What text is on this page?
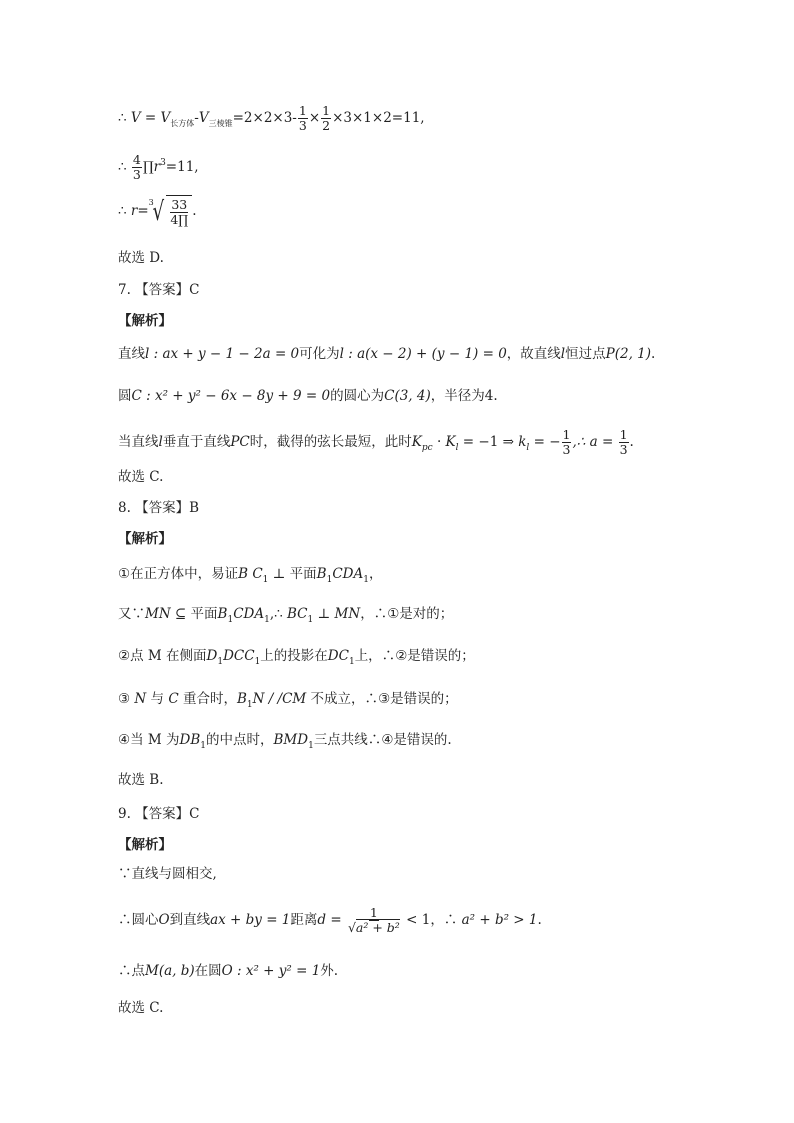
∴ $V = V_{长方体}-V_{三棱锥}=2\times 2\times 3- \frac{1}{3} \times \frac{1}{2} \times 3\times 1\times 2=11$,
∴ $\frac{4}{3}$ $\prod r^3=11$,
∴ r=$^3$
√ $\frac{33}{4\prod}$ .
故选 D.
7. 【答案】C
【解析】
直线l : ax + y − 1 − 2a = 0可化为l : a(x − 2) + (y − 1) = 0，故直线l恒过点P(2, 1).
圆C : x² + y² − 6x − 8y + 9 = 0的圆心为C(3, 4)，半径为4.
当直线l垂直于直线PC时，截得的弦长最短，此时$K_{pc} \cdot K_l = -1$ ⇒ $k_l$ = − $\frac{1}{3}$ ,∴ $a = \frac{1}{3}$ .
故选 C.
8. 【答案】B
【解析】
①在正方体中，易证B $C_1$ ⊥ 平面$B_1CDA_1$，
又∵MN ⊆ 平面$B_1CDA_1,\therefore$ $BC_1$ ⊥ MN，∴①是对的；
②点 M 在侧面$D_1DCC_1$上的投影在$DC_1$上，∴②是错误的；
③ N 与 C 重合时，$B_1N / /CM$ 不成立，∴③是错误的；
④当 M 为$DB_1$的中点时，$BMD_1$三点共线∴④是错误的.
故选 B.
9. 【答案】C
【解析】
∵直线与圆相交,
∴圆心O到直线ax + by = 1距离$d = \frac{1}{\text{√a² + b²}} < 1$，∴ a² + b² > 1.
∴点M(a, b)在圆O : x² + y² = 1外.
故选 C.
